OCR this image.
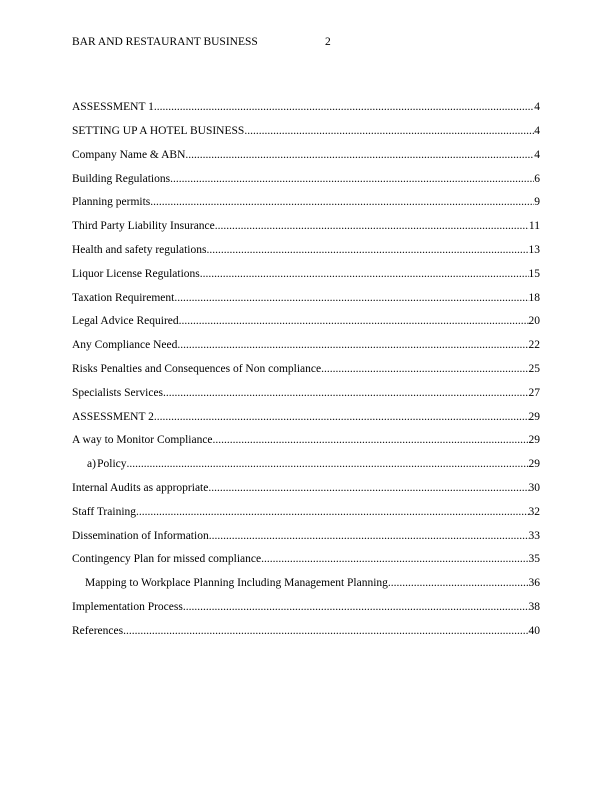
BAR AND RESTAURANT BUSINESS	2
ASSESSMENT 1 .....	4
SETTING UP A HOTEL BUSINESS .....	4
Company Name & ABN .....	4
Building Regulations .....	6
Planning permits .....	9
Third Party Liability Insurance .....	11
Health and safety regulations .....	13
Liquor License Regulations .....	15
Taxation Requirement .....	18
Legal Advice Required .....	20
Any Compliance Need .....	22
Risks Penalties and Consequences of Non compliance .....	25
Specialists Services .....	27
ASSESSMENT 2 .....	29
A way to Monitor Compliance .....	29
a) Policy .....	29
Internal Audits as appropriate .....	30
Staff Training .....	32
Dissemination of Information .....	33
Contingency Plan for missed compliance .....	35
Mapping to Workplace Planning Including Management Planning .....	36
Implementation Process .....	38
References .....	40
